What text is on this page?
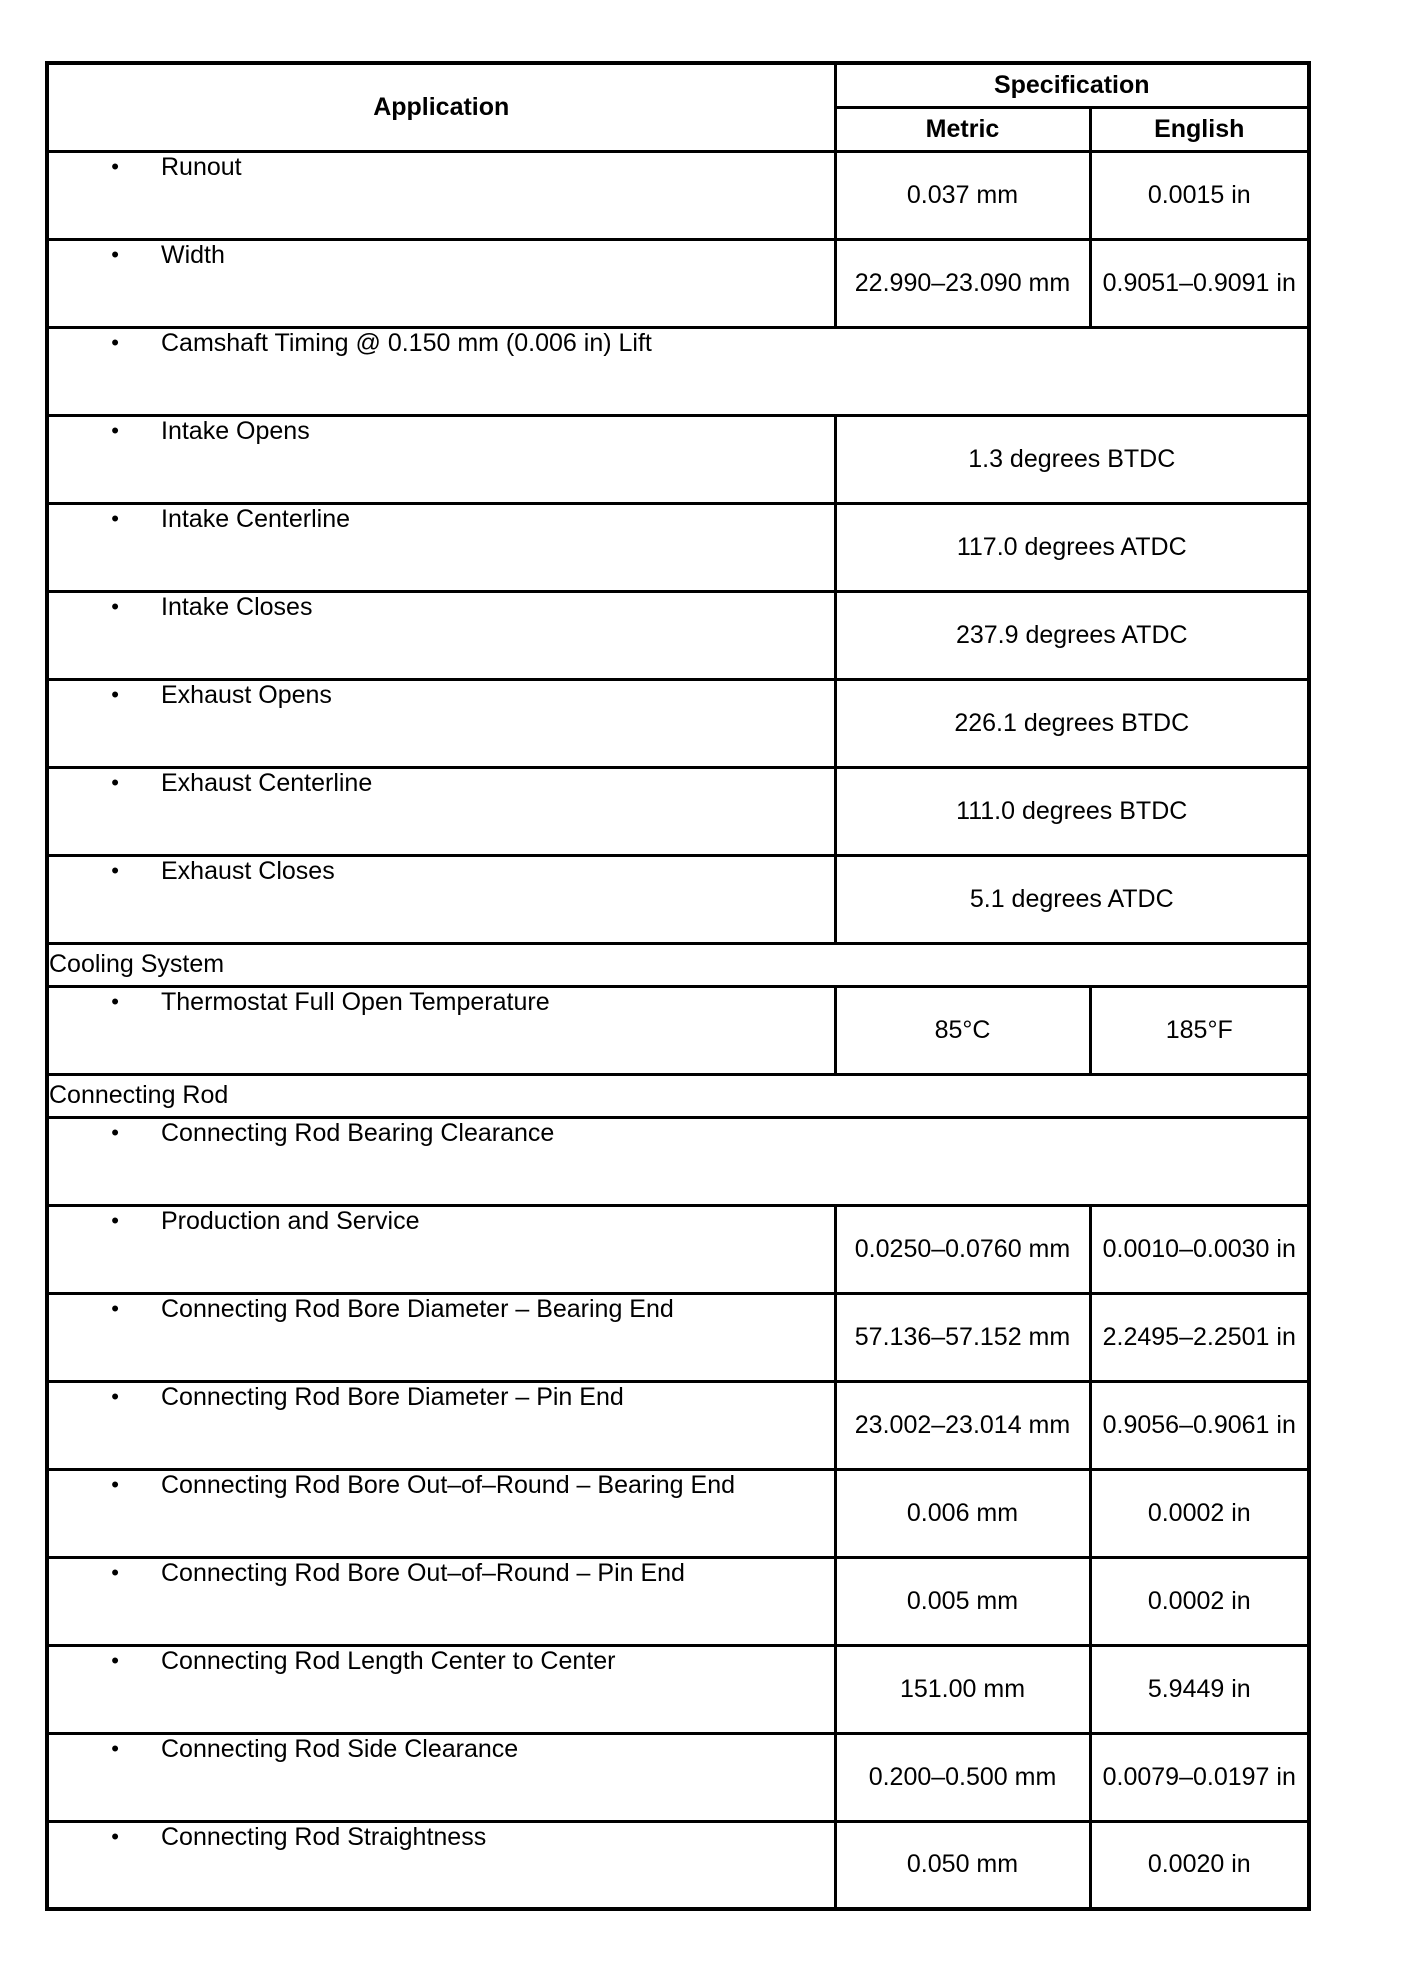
Application	Specification	
	Metric	English

• Runout	0.037 mm	0.0015 in

• Width	22.990–23.090 mm	0.9051–0.9091 in

• Camshaft Timing @ 0.150 mm (0.006 in) Lift		

• Intake Opens	1.3 degrees BTDC	

• Intake Centerline	117.0 degrees ATDC	

• Intake Closes	237.9 degrees ATDC	

• Exhaust Opens	226.1 degrees BTDC	

• Exhaust Centerline	111.0 degrees BTDC	

• Exhaust Closes	5.1 degrees ATDC	
Cooling System		

• Thermostat Full Open Temperature	85°C	185°F
Connecting Rod		

• Connecting Rod Bearing Clearance		

• Production and Service	0.0250–0.0760 mm	0.0010–0.0030 in

• Connecting Rod Bore Diameter – Bearing End	57.136–57.152 mm	2.2495–2.2501 in

• Connecting Rod Bore Diameter – Pin End	23.002–23.014 mm	0.9056–0.9061 in

• Connecting Rod Bore Out–of–Round – Bearing End	0.006 mm	0.0002 in

• Connecting Rod Bore Out–of–Round – Pin End	0.005 mm	0.0002 in

• Connecting Rod Length Center to Center	151.00 mm	5.9449 in

• Connecting Rod Side Clearance	0.200–0.500 mm	0.0079–0.0197 in

• Connecting Rod Straightness	0.050 mm	0.0020 in
